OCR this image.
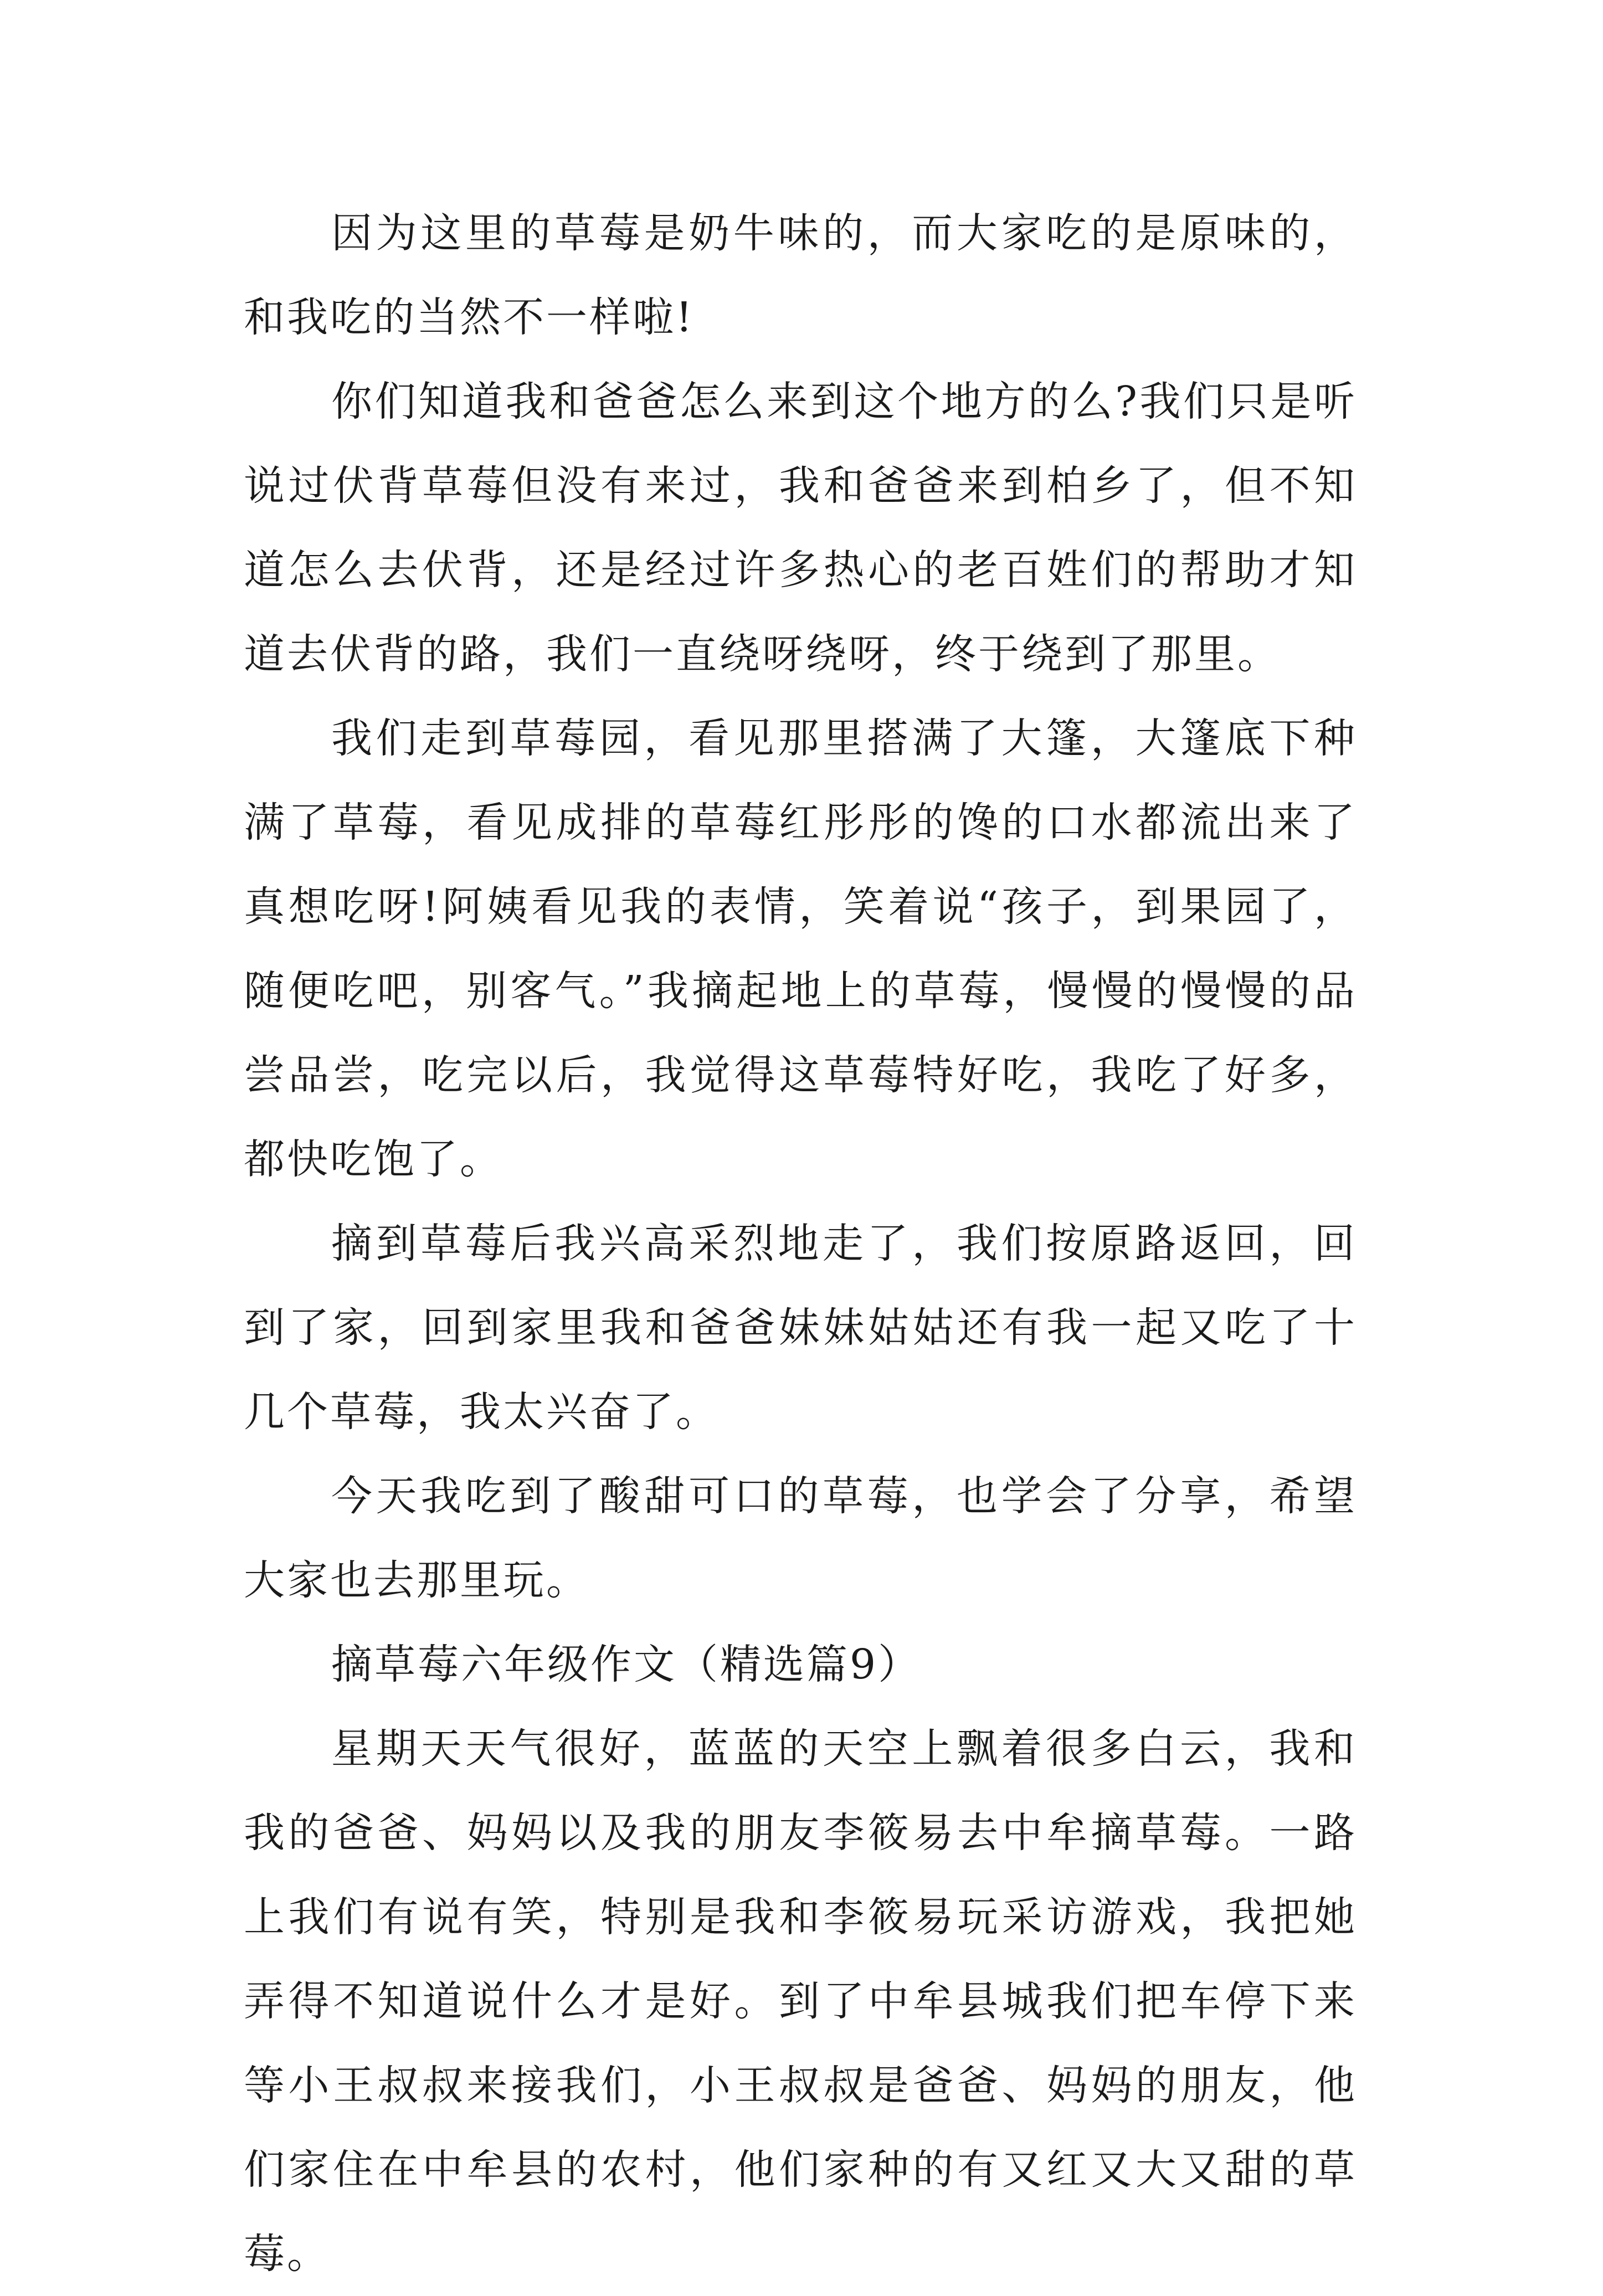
因为这里的草莓是奶牛味的，而大家吃的是原味的，和我吃的当然不一样啦!

你们知道我和爸爸怎么来到这个地方的么?我们只是听说过伏背草莓但没有来过，我和爸爸来到柏乡了，但不知道怎么去伏背，还是经过许多热心的老百姓们的帮助才知道去伏背的路，我们一直绕呀绕呀，终于绕到了那里。

我们走到草莓园，看见那里搭满了大篷，大篷底下种满了草莓，看见成排的草莓红彤彤的馋的口水都流出来了真想吃呀!阿姨看见我的表情，笑着说“孩子，到果园了，随便吃吧，别客气。”我摘起地上的草莓，慢慢的慢慢的品尝品尝，吃完以后，我觉得这草莓特好吃，我吃了好多，都快吃饱了。

摘到草莓后我兴高采烈地走了，我们按原路返回，回到了家，回到家里我和爸爸妹妹姑姑还有我一起又吃了十几个草莓，我太兴奋了。

今天我吃到了酸甜可口的草莓，也学会了分享，希望大家也去那里玩。

摘草莓六年级作文（精选篇9）

星期天天气很好，蓝蓝的天空上飘着很多白云，我和我的爸爸、妈妈以及我的朋友李筱易去中牟摘草莓。一路上我们有说有笑，特别是我和李筱易玩采访游戏，我把她弄得不知道说什么才是好。到了中牟县城我们把车停下来等小王叔叔来接我们，小王叔叔是爸爸、妈妈的朋友，他们家住在中牟县的农村，他们家种的有又红又大又甜的草莓。
